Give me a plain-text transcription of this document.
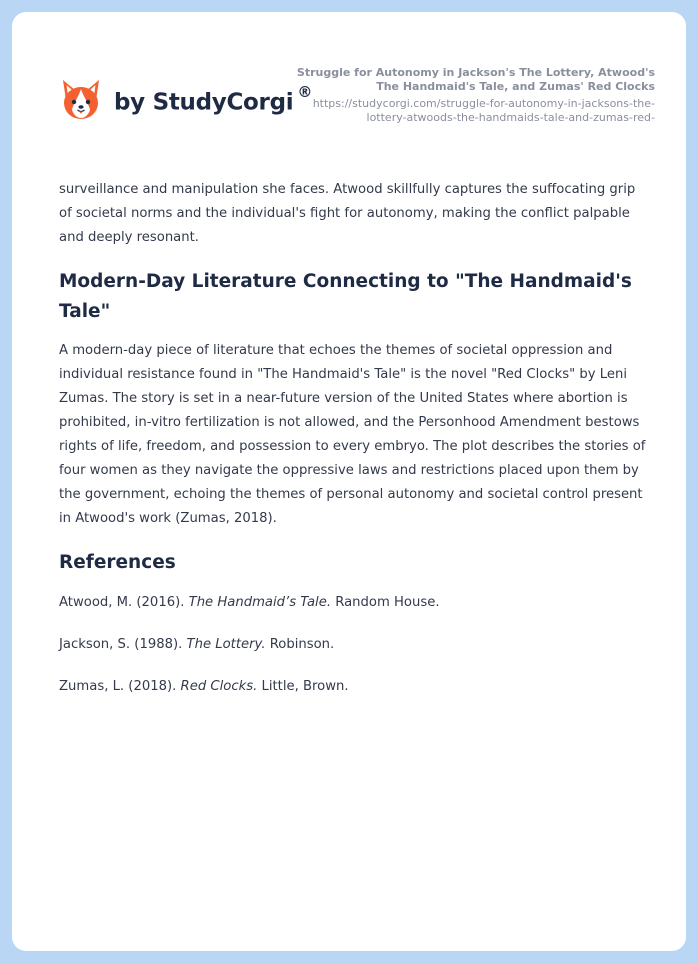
by StudyCorgi ®
Struggle for Autonomy in Jackson's The Lottery, Atwood's The Handmaid's Tale, and Zumas' Red Clocks
https://studycorgi.com/struggle-for-autonomy-in-jacksons-the-lottery-atwoods-the-handmaids-tale-and-zumas-red-

surveillance and manipulation she faces. Atwood skillfully captures the suffocating grip of societal norms and the individual's fight for autonomy, making the conflict palpable and deeply resonant.

Modern-Day Literature Connecting to "The Handmaid's Tale"

A modern-day piece of literature that echoes the themes of societal oppression and individual resistance found in "The Handmaid's Tale" is the novel "Red Clocks" by Leni Zumas. The story is set in a near-future version of the United States where abortion is prohibited, in-vitro fertilization is not allowed, and the Personhood Amendment bestows rights of life, freedom, and possession to every embryo. The plot describes the stories of four women as they navigate the oppressive laws and restrictions placed upon them by the government, echoing the themes of personal autonomy and societal control present in Atwood's work (Zumas, 2018).

References

Atwood, M. (2016). The Handmaid’s Tale. Random House.

Jackson, S. (1988). The Lottery. Robinson.

Zumas, L. (2018). Red Clocks. Little, Brown.
